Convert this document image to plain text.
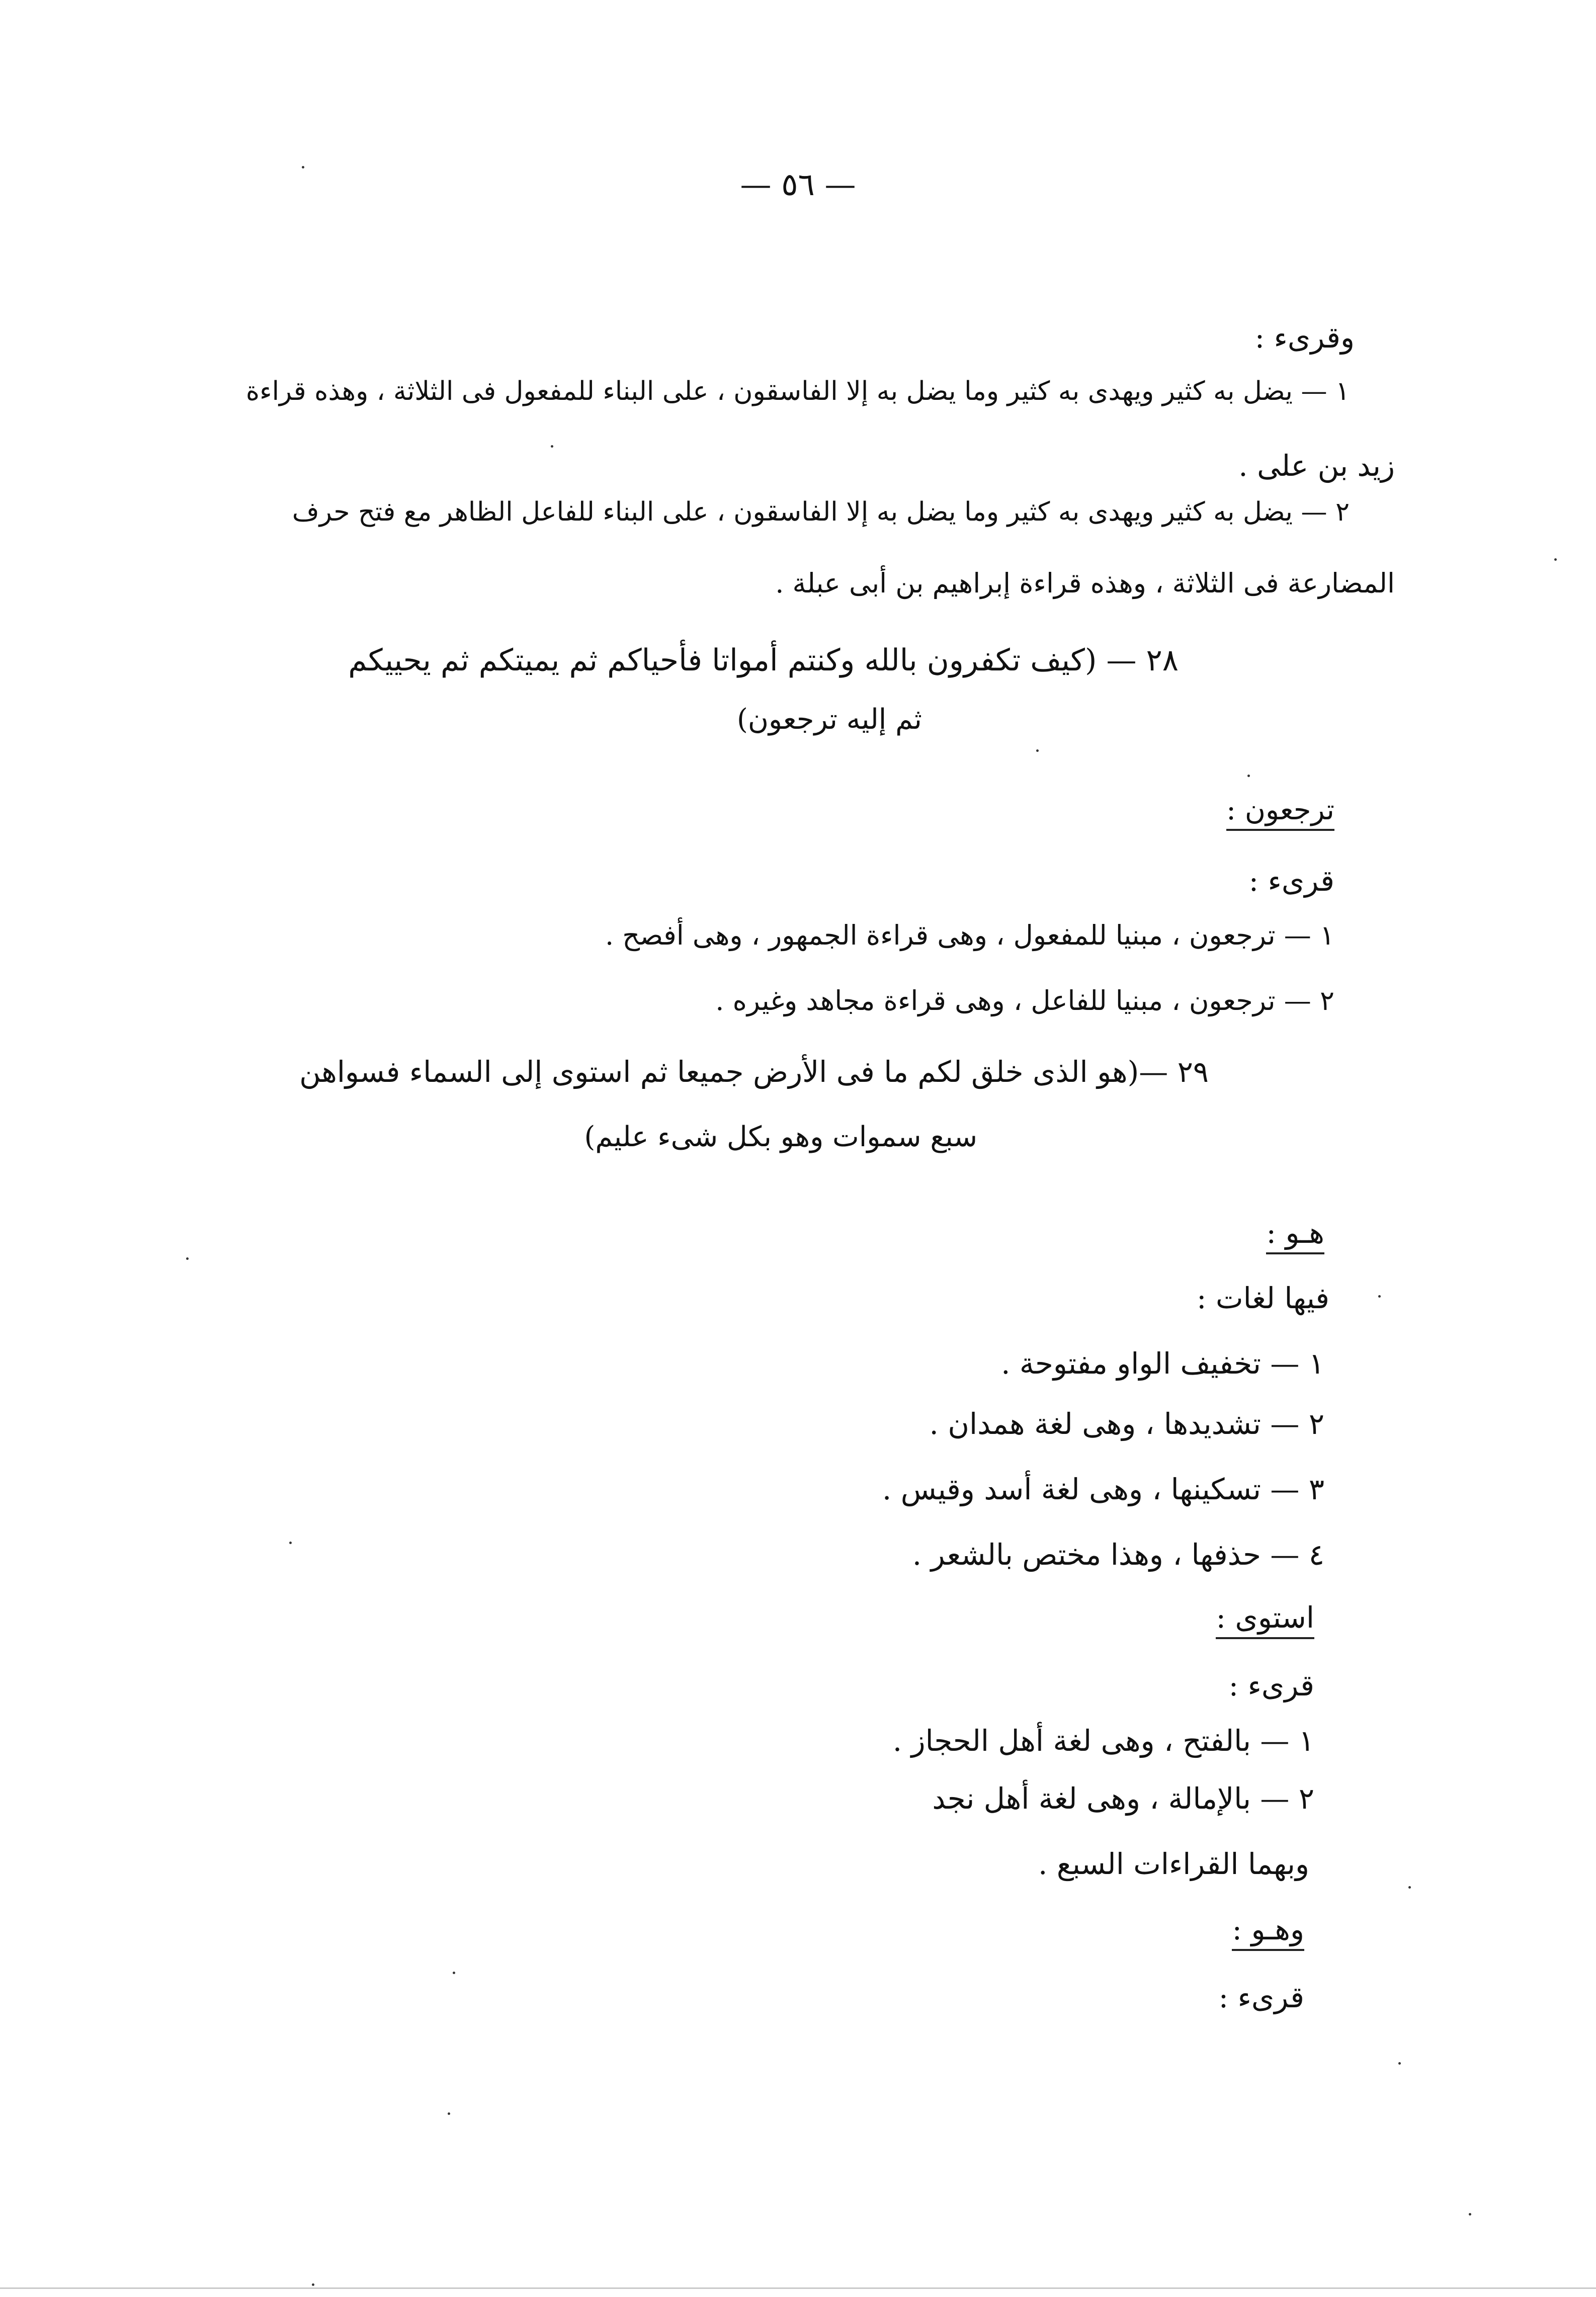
— ٥٦ —
وقرىء :
١ — يضل به كثير ويهدى به كثير وما يضل به إلا الفاسقون ، على البناء للمفعول فى الثلاثة ، وهذه قراءة
زيد بن على .
٢ — يضل به كثير ويهدى به كثير وما يضل به إلا الفاسقون ، على البناء للفاعل الظاهر مع فتح حرف
المضارعة فى الثلاثة ، وهذه قراءة إبراهيم بن أبى عبلة .
٢٨ — (كيف تكفرون بالله وكنتم أمواتا فأحياكم ثم يميتكم ثم يحييكم
ثم إليه ترجعون)
ترجعون :
قرىء :
١ — ترجعون ، مبنيا للمفعول ، وهى قراءة الجمهور ، وهى أفصح .
٢ — ترجعون ، مبنيا للفاعل ، وهى قراءة مجاهد وغيره .
٢٩ —(هو الذى خلق لكم ما فى الأرض جميعا ثم استوى إلى السماء فسواهن
سبع سموات وهو بكل شىء عليم)
هـو :
فيها لغات :
١ — تخفيف الواو مفتوحة .
٢ — تشديدها ، وهى لغة همدان .
٣ — تسكينها ، وهى لغة أسد وقيس .
٤ — حذفها ، وهذا مختص بالشعر .
استوى :
قرىء :
١ — بالفتح ، وهى لغة أهل الحجاز .
٢ — بالإمالة ، وهى لغة أهل نجد
وبهما القراءات السبع .
وهـو :
قرىء :
